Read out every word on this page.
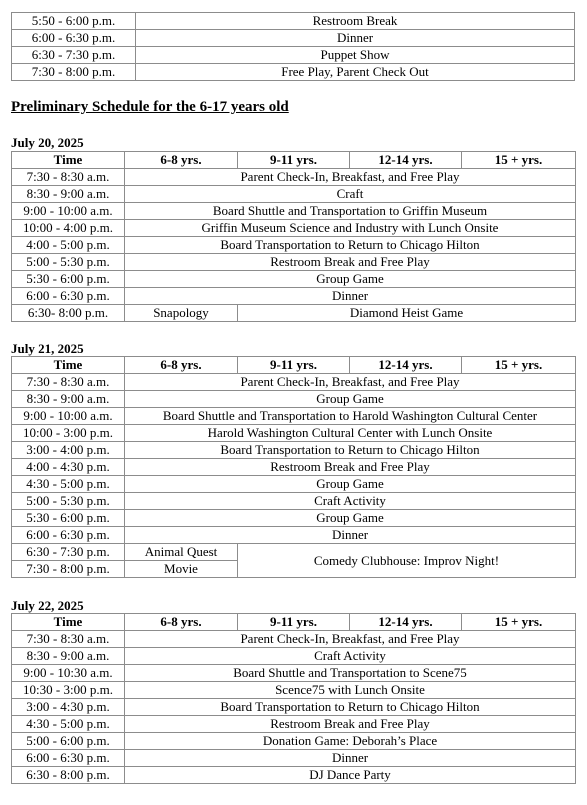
5:50 - 6:00 p.m.	Restroom Break
6:00 - 6:30 p.m.	Dinner
6:30 - 7:30 p.m.	Puppet Show
7:30 - 8:00 p.m.	Free Play, Parent Check Out
Preliminary Schedule for the 6-17 years old
July 20, 2025
Time	6-8 yrs.	9-11 yrs.	12-14 yrs.	15 + yrs.
7:30 - 8:30 a.m.	Parent Check-In, Breakfast, and Free Play			
8:30 - 9:00 a.m.	Craft			
9:00 - 10:00 a.m.	Board Shuttle and Transportation to Griffin Museum			
10:00 - 4:00 p.m.	Griffin Museum Science and Industry with Lunch Onsite			
4:00 - 5:00 p.m.	Board Transportation to Return to Chicago Hilton			
5:00 - 5:30 p.m.	Restroom Break and Free Play			
5:30 - 6:00 p.m.	Group Game			
6:00 - 6:30 p.m.	Dinner			
6:30- 8:00 p.m.	Snapology	Diamond Heist Game		
July 21, 2025
Time	6-8 yrs.	9-11 yrs.	12-14 yrs.	15 + yrs.
7:30 - 8:30 a.m.	Parent Check-In, Breakfast, and Free Play			
8:30 - 9:00 a.m.	Group Game			
9:00 - 10:00 a.m.	Board Shuttle and Transportation to Harold Washington Cultural Center			
10:00 - 3:00 p.m.	Harold Washington Cultural Center with Lunch Onsite			
3:00 - 4:00 p.m.	Board Transportation to Return to Chicago Hilton			
4:00 - 4:30 p.m.	Restroom Break and Free Play			
4:30 - 5:00 p.m.	Group Game			
5:00 - 5:30 p.m.	Craft Activity			
5:30 - 6:00 p.m.	Group Game			
6:00 - 6:30 p.m.	Dinner			
6:30 - 7:30 p.m.	Animal Quest	Comedy Clubhouse: Improv Night!		
7:30 - 8:00 p.m.	Movie			
July 22, 2025
Time	6-8 yrs.	9-11 yrs.	12-14 yrs.	15 + yrs.
7:30 - 8:30 a.m.	Parent Check-In, Breakfast, and Free Play			
8:30 - 9:00 a.m.	Craft Activity			
9:00 - 10:30 a.m.	Board Shuttle and Transportation to Scene75			
10:30 - 3:00 p.m.	Scence75 with Lunch Onsite			
3:00 - 4:30 p.m.	Board Transportation to Return to Chicago Hilton			
4:30 - 5:00 p.m.	Restroom Break and Free Play			
5:00 - 6:00 p.m.	Donation Game: Deborah’s Place			
6:00 - 6:30 p.m.	Dinner			
6:30 - 8:00 p.m.	DJ Dance Party			
